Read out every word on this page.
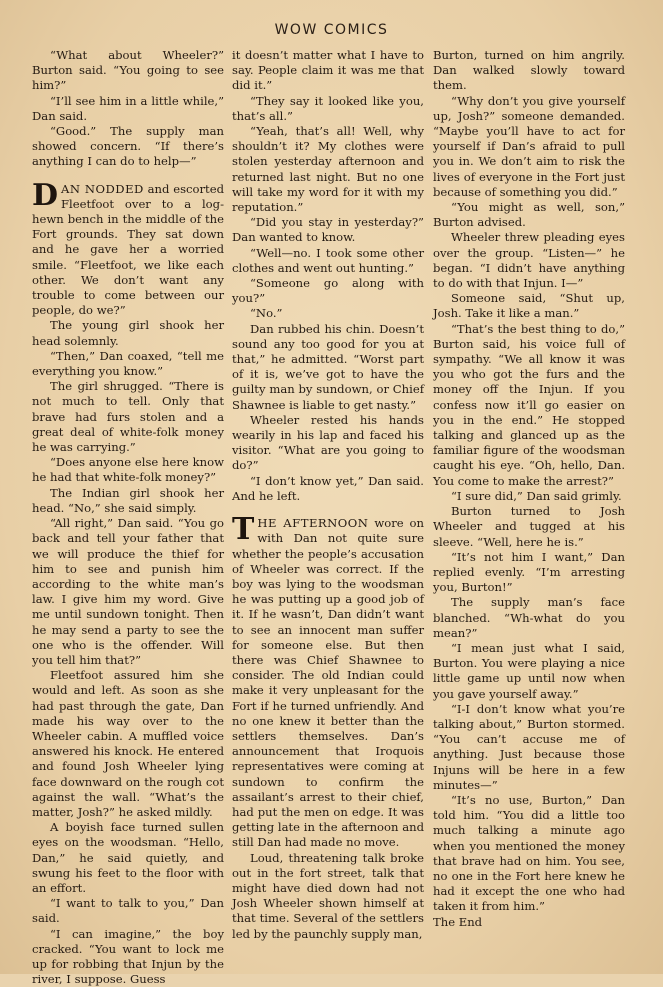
WOW COMICS

“What about Wheeler?” Burton said. “You going to see him?”

“I’ll see him in a little while,” Dan said.

“Good.” The supply man showed concern. “If there’s anything I can do to help—”

DAN NODDED and escorted Fleetfoot over to a log-hewn bench in the middle of the Fort grounds. They sat down and he gave her a worried smile. “Fleetfoot, we like each other. We don’t want any trouble to come between our people, do we?”

The young girl shook her head solemnly.

“Then,” Dan coaxed, “tell me everything you know.”

The girl shrugged. “There is not much to tell. Only that brave had furs stolen and a great deal of white-folk money he was carrying.”

“Does anyone else here know he had that white-folk money?”

The Indian girl shook her head. “No,” she said simply.

“All right,” Dan said. “You go back and tell your father that we will produce the thief for him to see and punish him according to the white man’s law. I give him my word. Give me until sundown tonight. Then he may send a party to see the one who is the offender. Will you tell him that?”

Fleetfoot assured him she would and left. As soon as she had past through the gate, Dan made his way over to the Wheeler cabin. A muffled voice answered his knock. He entered and found Josh Wheeler lying face downward on the rough cot against the wall. “What’s the matter, Josh?” he asked mildly.

A boyish face turned sullen eyes on the woodsman. “Hello, Dan,” he said quietly, and swung his feet to the floor with an effort.

“I want to talk to you,” Dan said.

“I can imagine,” the boy cracked. “You want to lock me up for robbing that Injun by the river, I suppose. Guess

it doesn’t matter what I have to say. People claim it was me that did it.”

“They say it looked like you, that’s all.”

“Yeah, that’s all! Well, why shouldn’t it? My clothes were stolen yesterday afternoon and returned last night. But no one will take my word for it with my reputation.”

“Did you stay in yesterday?” Dan wanted to know.

“Well—no. I took some other clothes and went out hunting.”

“Someone go along with you?”

“No.”

Dan rubbed his chin. Doesn’t sound any too good for you at that,” he admitted. “Worst part of it is, we’ve got to have the guilty man by sundown, or Chief Shawnee is liable to get nasty.”

Wheeler rested his hands wearily in his lap and faced his visitor. “What are you going to do?”

“I don’t know yet,” Dan said. And he left.

THE AFTERNOON wore on with Dan not quite sure whether the people’s accusation of Wheeler was correct. If the boy was lying to the woodsman he was putting up a good job of it. If he wasn’t, Dan didn’t want to see an innocent man suffer for someone else. But then there was Chief Shawnee to consider. The old Indian could make it very unpleasant for the Fort if he turned unfriendly. And no one knew it better than the settlers themselves. Dan’s announcement that Iroquois representatives were coming at sundown to confirm the assailant’s arrest to their chief, had put the men on edge. It was getting late in the afternoon and still Dan had made no move.

Loud, threatening talk broke out in the fort street, talk that might have died down had not Josh Wheeler shown himself at that time. Several of the settlers led by the paunchly supply man,

Burton, turned on him angrily. Dan walked slowly toward them.

“Why don’t you give yourself up, Josh?” someone demanded. “Maybe you’ll have to act for yourself if Dan’s afraid to pull you in. We don’t aim to risk the lives of everyone in the Fort just because of something you did.”

“You might as well, son,” Burton advised.

Wheeler threw pleading eyes over the group. “Listen—” he began. “I didn’t have anything to do with that Injun. I—”

Someone said, “Shut up, Josh. Take it like a man.”

“That’s the best thing to do,” Burton said, his voice full of sympathy. “We all know it was you who got the furs and the money off the Injun. If you confess now it’ll go easier on you in the end.” He stopped talking and glanced up as the familiar figure of the woodsman caught his eye. “Oh, hello, Dan. You come to make the arrest?”

“I sure did,” Dan said grimly.

Burton turned to Josh Wheeler and tugged at his sleeve. “Well, here he is.”

“It’s not him I want,” Dan replied evenly. “I’m arresting you, Burton!”

The supply man’s face blanched. “Wh-what do you mean?”

“I mean just what I said, Burton. You were playing a nice little game up until now when you gave yourself away.”

“I-I don’t know what you’re talking about,” Burton stormed. “You can’t accuse me of anything. Just because those Injuns will be here in a few minutes—”

“It’s no use, Burton,” Dan told him. “You did a little too much talking a minute ago when you mentioned the money that brave had on him. You see, no one in the Fort here knew he had it except the one who had taken it from him.”

The End
